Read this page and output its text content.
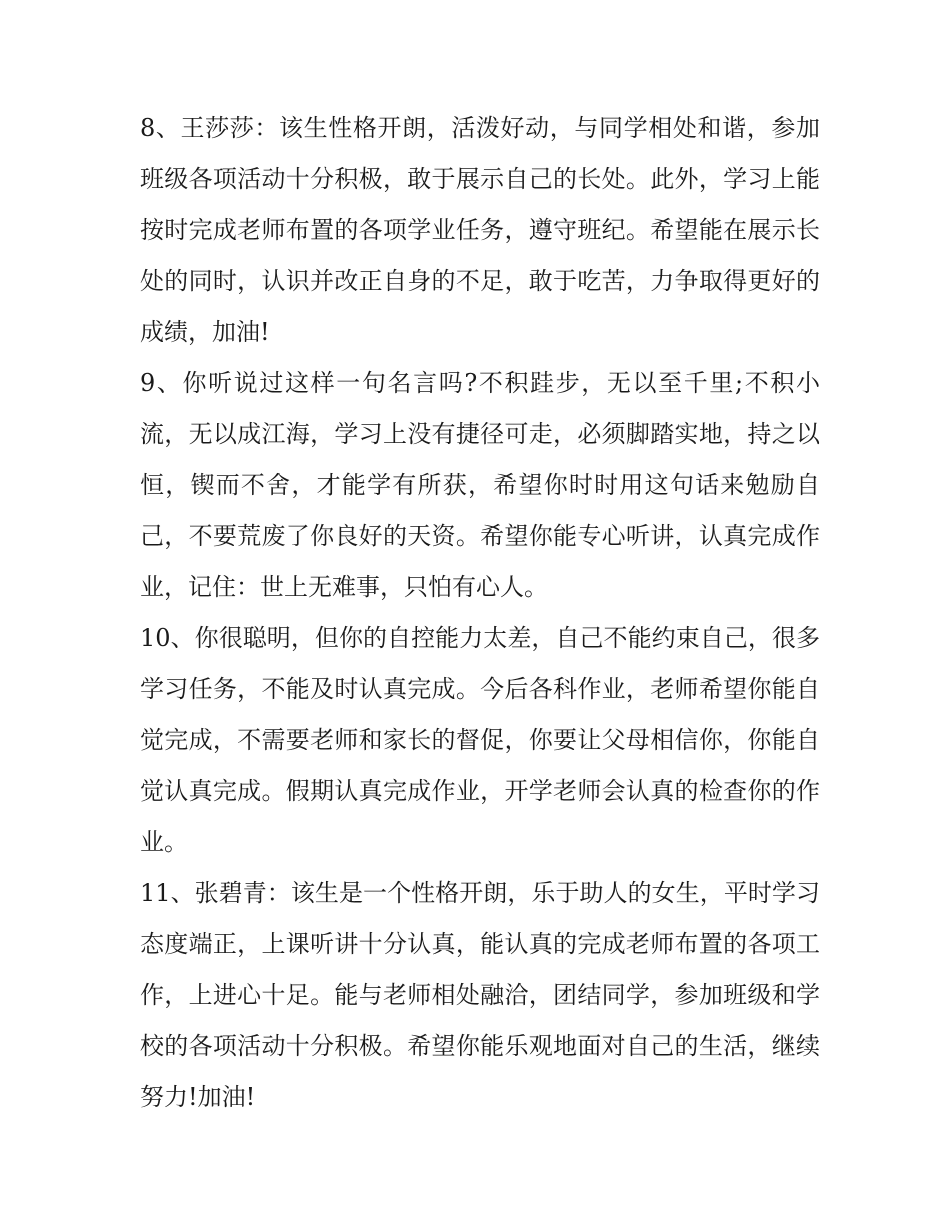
8、王莎莎：该生性格开朗，活泼好动，与同学相处和谐，参加班级各项活动十分积极，敢于展示自己的长处。此外，学习上能按时完成老师布置的各项学业任务，遵守班纪。希望能在展示长处的同时，认识并改正自身的不足，敢于吃苦，力争取得更好的成绩，加油!

9、你听说过这样一句名言吗?不积跬步，无以至千里;不积小流，无以成江海，学习上没有捷径可走，必须脚踏实地，持之以恒，锲而不舍，才能学有所获，希望你时时用这句话来勉励自己，不要荒废了你良好的天资。希望你能专心听讲，认真完成作业，记住：世上无难事，只怕有心人。

10、你很聪明，但你的自控能力太差，自己不能约束自己，很多学习任务，不能及时认真完成。今后各科作业，老师希望你能自觉完成，不需要老师和家长的督促，你要让父母相信你，你能自觉认真完成。假期认真完成作业，开学老师会认真的检查你的作业。

11、张碧青：该生是一个性格开朗，乐于助人的女生，平时学习态度端正，上课听讲十分认真，能认真的完成老师布置的各项工作，上进心十足。能与老师相处融洽，团结同学，参加班级和学校的各项活动十分积极。希望你能乐观地面对自己的生活，继续努力!加油!
